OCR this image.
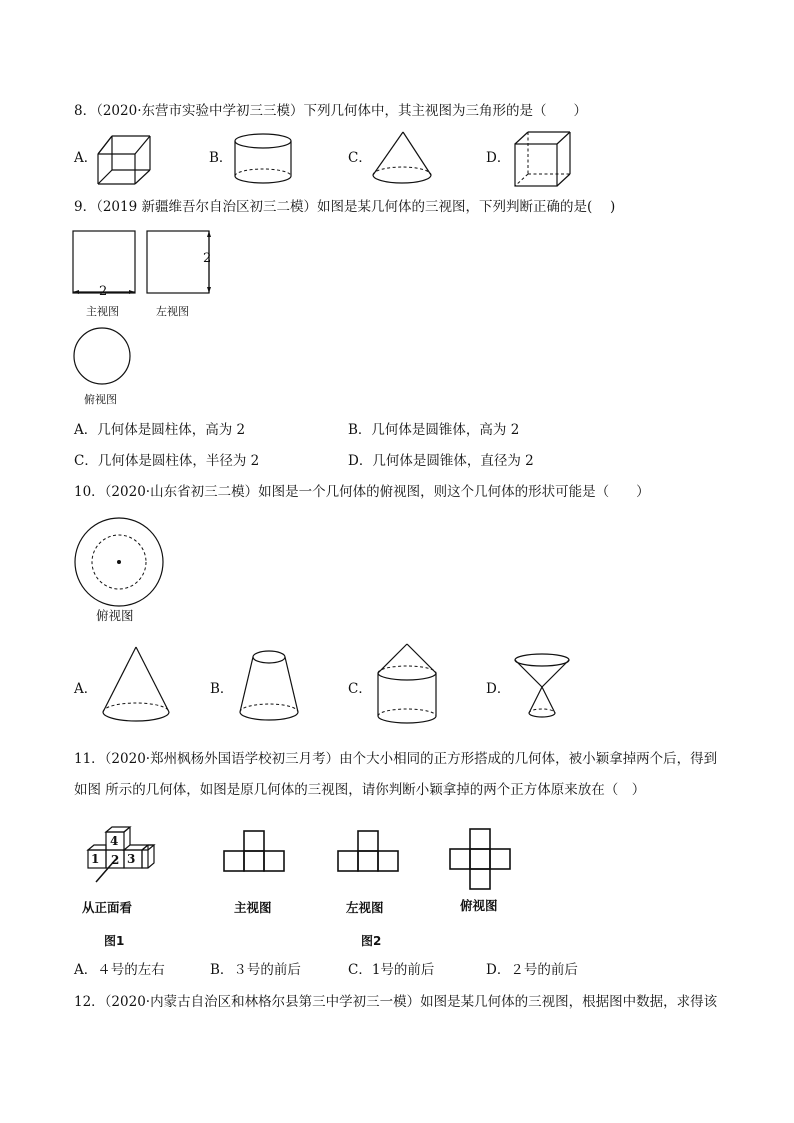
8．（2020·东营市实验中学初三三模）下列几何体中，其主视图为三角形的是（　　）
A．	B．	C．	D．
9．（2019 新疆维吾尔自治区初三二模）如图是某几何体的三视图，下列判断正确的是(　 )
2
2
主视图	左视图
俯视图
A．几何体是圆柱体，高为 2	B．几何体是圆锥体，高为 2
C．几何体是圆柱体，半径为 2	D．几何体是圆锥体，直径为 2
10．（2020·山东省初三二模）如图是一个几何体的俯视图，则这个几何体的形状可能是（　　）
俯视图
A．	B．	C．	D．
11．（2020·郑州枫杨外国语学校初三月考）由个大小相同的正方形搭成的几何体，被小颖拿掉两个后，得到
如图 所示的几何体，如图是原几何体的三视图，请你判断小颖拿掉的两个正方体原来放在（　）
4
1 2 3
从正面看
图1
主视图	左视图
图2
俯视图
A．４号的左右	B．３号的前后	C．1号的前后	D．２号的前后
12．（2020·内蒙古自治区和林格尔县第三中学初三一模）如图是某几何体的三视图，根据图中数据，求得该
